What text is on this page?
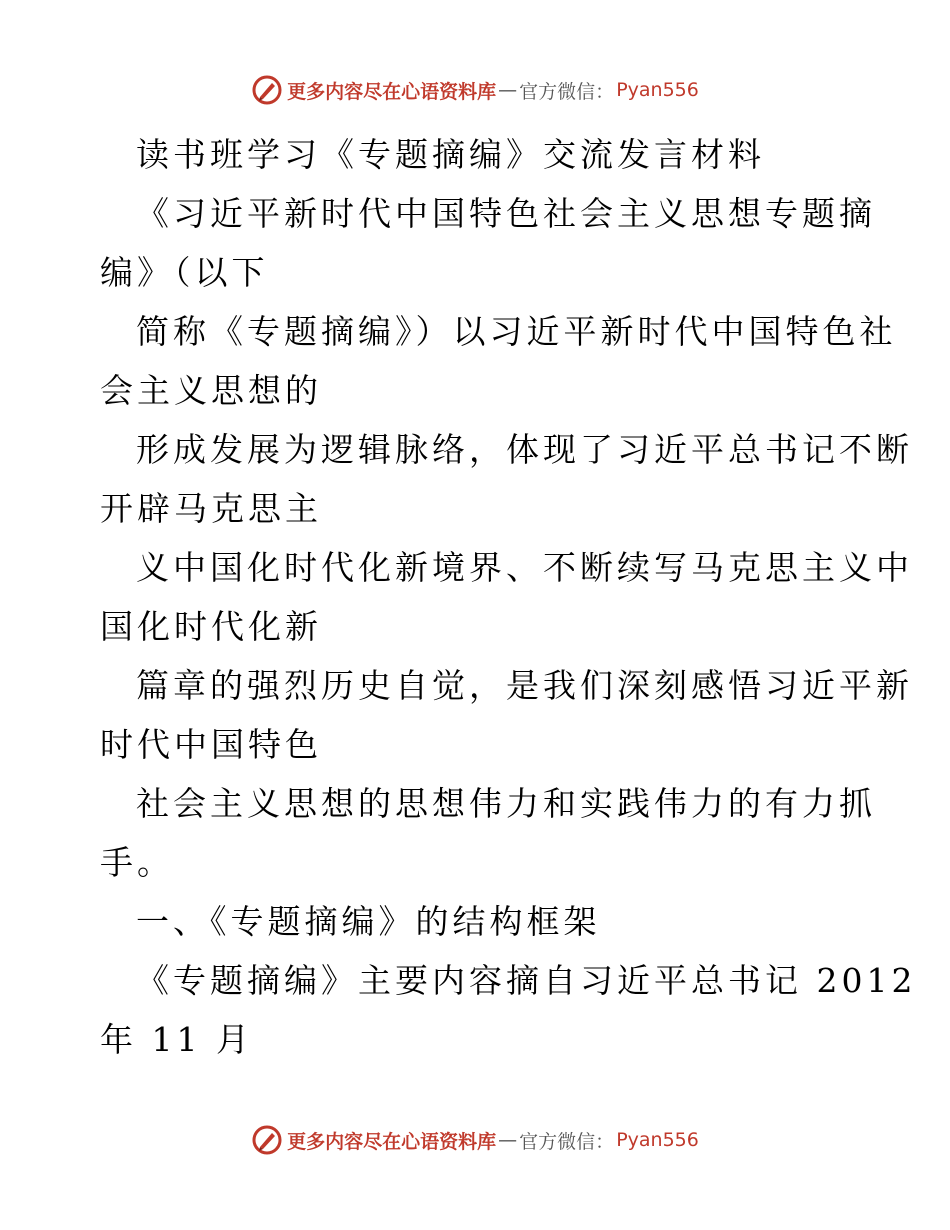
更多内容尽在心语资料库 — 官方微信： Pyan556
读书班学习《专题摘编》交流发言材料
《习近平新时代中国特色社会主义思想专题摘
编》（以下
简称《专题摘编》）以习近平新时代中国特色社
会主义思想的
形成发展为逻辑脉络，体现了习近平总书记不断
开辟马克思主
义中国化时代化新境界、不断续写马克思主义中
国化时代化新
篇章的强烈历史自觉，是我们深刻感悟习近平新
时代中国特色
社会主义思想的思想伟力和实践伟力的有力抓
手。
一、《专题摘编》的结构框架
《专题摘编》主要内容摘自习近平总书记 2012
年 11 月
更多内容尽在心语资料库 — 官方微信： Pyan556
